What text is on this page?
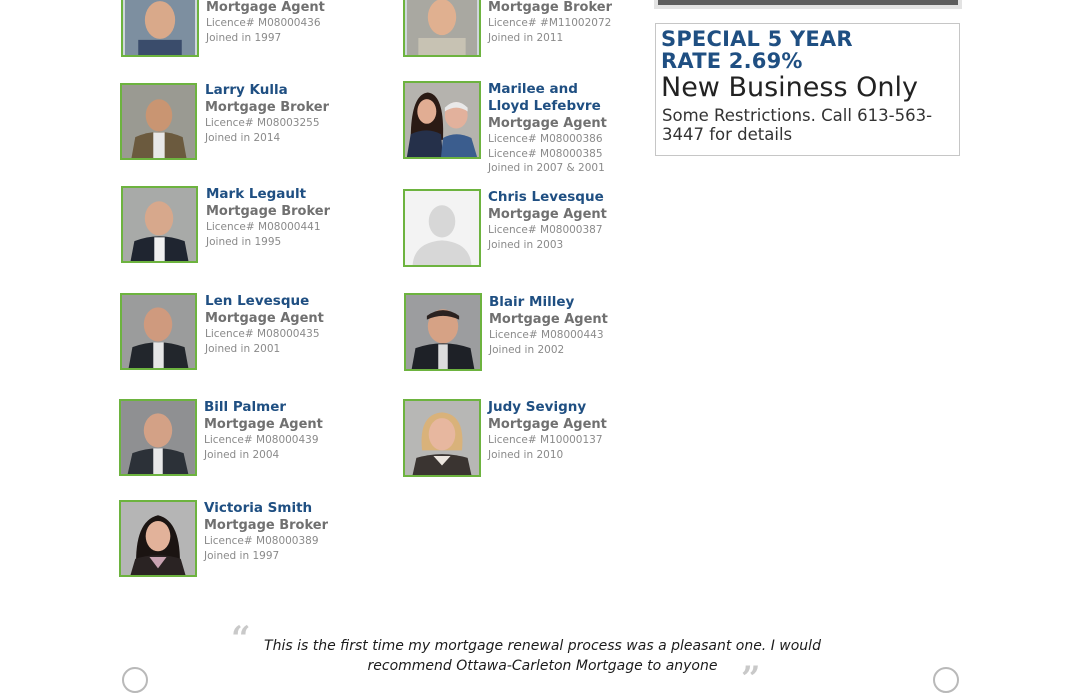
Mortgage Agent
Licence# M08000436
Joined in 1997
Larry Kulla
Mortgage Broker
Licence# M08003255
Joined in 2014
Mark Legault
Mortgage Broker
Licence# M08000441
Joined in 1995
Len Levesque
Mortgage Agent
Licence# M08000435
Joined in 2001
Bill Palmer
Mortgage Agent
Licence# M08000439
Joined in 2004
Victoria Smith
Mortgage Broker
Licence# M08000389
Joined in 1997
Mortgage Broker
Licence# #M11002072
Joined in 2011
Marilee and Lloyd Lefebvre
Mortgage Agent
Licence# M08000386
Licence# M08000385
Joined in 2007 & 2001
Chris Levesque
Mortgage Agent
Licence# M08000387
Joined in 2003
Blair Milley
Mortgage Agent
Licence# M08000443
Joined in 2002
Judy Sevigny
Mortgage Agent
Licence# M10000137
Joined in 2010
SPECIAL 5 YEAR
RATE 2.69%
New Business Only
Some Restrictions. Call 613-563-3447 for details
“ This is the first time my mortgage renewal process was a pleasant one. I would recommend Ottawa-Carleton Mortgage to anyone ”
